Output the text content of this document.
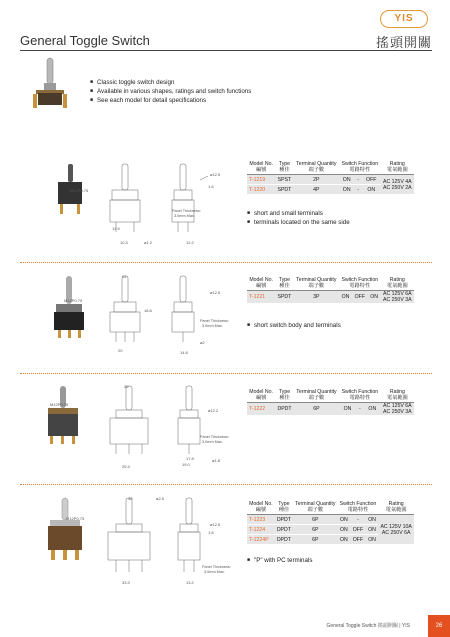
YIS
General Toggle Switch	搖頭開關
■ Classic toggle switch design
■ Available in various shapes, ratings and switch functions
■ See each model for detail specifications
M12P0.75
10.3	ø1.2
13.5
ø12.5
1.6
12.2
Panel Thickness:
3.0mm Max.
Model No.
編號	Type
種佳	Terminal Quantity
端子數	Switch Function
電路特性			Rating
電氣範圍
T-1219	SPST	2P	ON	-	OFF	AC 125V 4A
AC 250V 2A
T-1220	SPDT	4P	ON	-	ON	
■ short and small terminals
■ terminals located on the same side
M12P0.75
12
20
18.8
ø12.5
ø2
14.8
Panel Thickness:
3.0mm Max.
Model No.
編號	Type
種佳	Terminal Quantity
端子數	Switch Function
電路特性			Rating
電氣範圍
T-1221	SPDT	3P	ON	OFF	ON	AC 125V 6A
AC 250V 3A
■ short switch body and terminals
M12P0.75
30
25.4
ø12.2
ø1.8
19.0
17.8
Panel Thickness:
3.0mm Max.
Model No.
編號	Type
種佳	Terminal Quantity
端子數	Switch Function
電路特性			Rating
電氣範圍
T-1222	DPDT	6P	ON	-	ON	AC 125V 6A
AC 250V 3A
M12P0.75
30
33.3
ø12.5
1.8
ø2.5
13.2
Panel Thickness:
3.0mm Max.
Model No.
編號	Type
種佳	Terminal Quantity
端子數	Switch Function
電路特性			Rating
電氣範圍
T-1223	DPDT	6P	ON	-	ON	AC 125V 10A
AC 250V 6A
T-1224	DPDT	6P	ON	OFF	ON	
T-1224P	DPDT	6P	ON	OFF	ON	
■ "P" with PC terminals
General Toggle Switch 搖頭開關 | YIS	26
